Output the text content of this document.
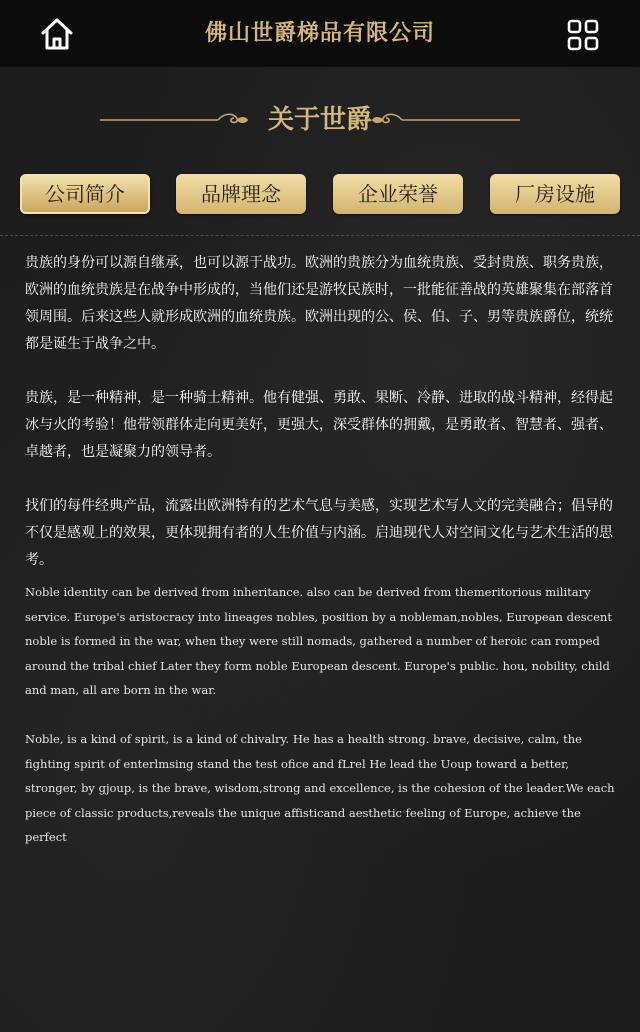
佛山世爵梯品有限公司
关于世爵
公司简介	品牌理念	企业荣誉	厂房设施

贵族的身份可以源自继承，也可以源于战功。欧洲的贵族分为血统贵族、受封贵族、职务贵族，欧洲的血统贵族是在战争中形成的，当他们还是游牧民族时，一批能征善战的英雄聚集在部落首领周围。后来这些人就形成欧洲的血统贵族。欧洲出现的公、侯、伯、子、男等贵族爵位，统统都是诞生于战争之中。

贵族，是一种精神，是一种骑士精神。他有健强、勇敢、果断、冷静、进取的战斗精神，经得起冰与火的考验！他带领群体走向更美好，更强大，深受群体的拥戴，是勇敢者、智慧者、强者、卓越者，也是凝聚力的领导者。

找们的每件经典产品，流露出欧洲特有的艺术气息与美感，实现艺术写人文的完美融合；倡导的不仅是感观上的效果，更体现拥有者的人生价值与内涵。启迪现代人对空间文化与艺术生活的思考。

Noble identity can be derived from inheritance. also can be derived from themeritorious military service. Europe's aristocracy into lineages nobles, position by a nobleman,nobles, European descent noble is formed in the war, when they were still nomads, gathered a number of heroic can romped around the tribal chief Later they form noble European descent. Europe's public. hou, nobility, child and man, all are born in the war.

Noble, is a kind of spirit, is a kind of chivalry. He has a health strong. brave, decisive, calm, the fighting spirit of enterlmsing stand the test ofice and fLrel He lead the Uoup toward a better, stronger, by gjoup, is the brave, wisdom,strong and excellence, is the cohesion of the leader.We each piece of classic products,reveals the unique affisticand aesthetic feeling of Europe, achieve the perfect
